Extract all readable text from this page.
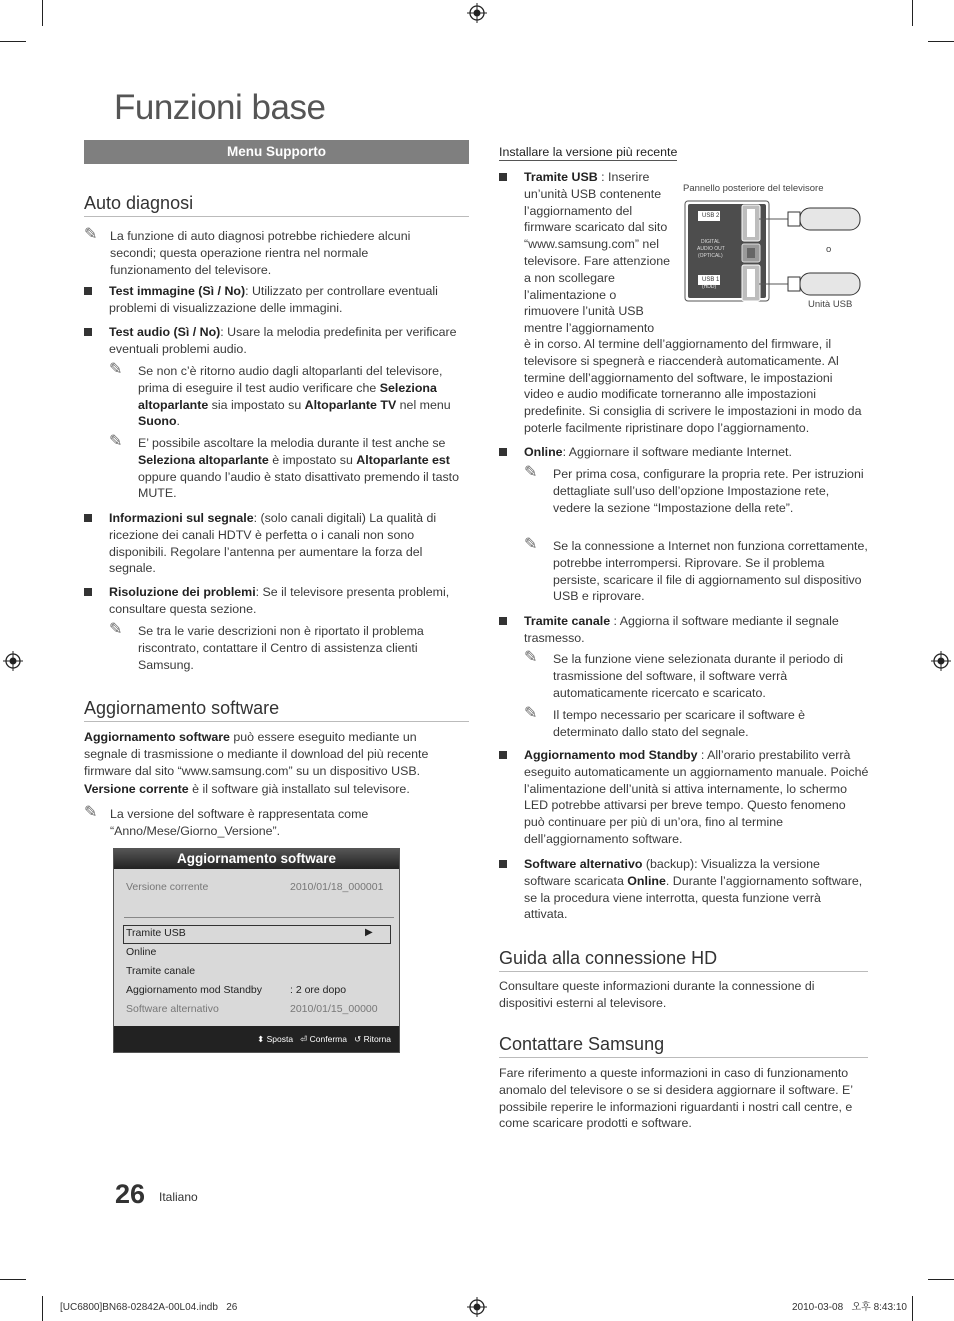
Funzioni base
Menu Supporto
Auto diagnosi
✎ La funzione di auto diagnosi potrebbe richiedere alcuni secondi; questa operazione rientra nel normale funzionamento del televisore.
Test immagine (Sì / No): Utilizzato per controllare eventuali problemi di visualizzazione delle immagini.
Test audio (Sì / No): Usare la melodia predefinita per verificare eventuali problemi audio.
✎ Se non c’è ritorno audio dagli altoparlanti del televisore, prima di eseguire il test audio verificare che Seleziona altoparlante sia impostato su Altoparlante TV nel menu Suono.
✎ E’ possibile ascoltare la melodia durante il test anche se Seleziona altoparlante è impostato su Altoparlante est oppure quando l’audio è stato disattivato premendo il tasto MUTE.
Informazioni sul segnale: (solo canali digitali) La qualità di ricezione dei canali HDTV è perfetta o i canali non sono disponibili. Regolare l’antenna per aumentare la forza del segnale.
Risoluzione dei problemi: Se il televisore presenta problemi, consultare questa sezione.
✎ Se tra le varie descrizioni non è riportato il problema riscontrato, contattare il Centro di assistenza clienti Samsung.
Aggiornamento software
Aggiornamento software può essere eseguito mediante un segnale di trasmissione o mediante il download del più recente firmware dal sito “www.samsung.com” su un dispositivo USB.
Versione corrente è il software già installato sul televisore.
✎ La versione del software è rappresentata come “Anno/Mese/Giorno_Versione”.
Aggiornamento software
Versione corrente	2010/01/18_000001
Tramite USB	▶
Online
Tramite canale
Aggiornamento mod Standby	: 2 ore dopo
Software alternativo	2010/01/15_00000
⬍ Sposta ⏎ Conferma ↺ Ritorna
26 Italiano
Installare la versione più recente
Tramite USB : Inserire un’unità USB contenente l’aggiornamento del firmware scaricato dal sito “www.samsung.com” nel televisore. Fare attenzione a non scollegare l’alimentazione o rimuovere l’unità USB mentre l’aggiornamento
è in corso. Al termine dell’aggiornamento del firmware, il televisore si spegnerà e riaccenderà automaticamente. Al termine dell’aggiornamento del software, le impostazioni video e audio modificate torneranno alle impostazioni predefinite. Si consiglia di scrivere le impostazioni in modo da poterle facilmente ripristinare dopo l’aggiornamento.
Pannello posteriore del televisore
USB 2
USB 1
(HDD)
DIGITAL
AUDIO OUT
(OPTICAL)
o
Unità USB
Online: Aggiornare il software mediante Internet.
✎ Per prima cosa, configurare la propria rete. Per istruzioni dettagliate sull’uso dell’opzione Impostazione rete, vedere la sezione “Impostazione della rete”.
✎ Se la connessione a Internet non funziona correttamente, potrebbe interrompersi. Riprovare. Se il problema persiste, scaricare il file di aggiornamento sul dispositivo USB e riprovare.
Tramite canale : Aggiorna il software mediante il segnale trasmesso.
✎ Se la funzione viene selezionata durante il periodo di trasmissione del software, il software verrà automaticamente ricercato e scaricato.
✎ Il tempo necessario per scaricare il software è determinato dallo stato del segnale.
Aggiornamento mod Standby : All’orario prestabilito verrà eseguito automaticamente un aggiornamento manuale. Poiché l’alimentazione dell’unità si attiva internamente, lo schermo LED potrebbe attivarsi per breve tempo. Questo fenomeno può continuare per più di un’ora, fino al termine dell’aggiornamento software.
Software alternativo (backup): Visualizza la versione software scaricata Online. Durante l’aggiornamento software, se la procedura viene interrotta, questa funzione verrà attivata.
Guida alla connessione HD
Consultare queste informazioni durante la connessione di dispositivi esterni al televisore.
Contattare Samsung
Fare riferimento a queste informazioni in caso di funzionamento anomalo del televisore o se si desidera aggiornare il software. E’ possibile reperire le informazioni riguardanti i nostri call centre, e come scaricare prodotti e software.
[UC6800]BN68-02842A-00L04.indb   26	2010-03-08   오후 8:43:10
